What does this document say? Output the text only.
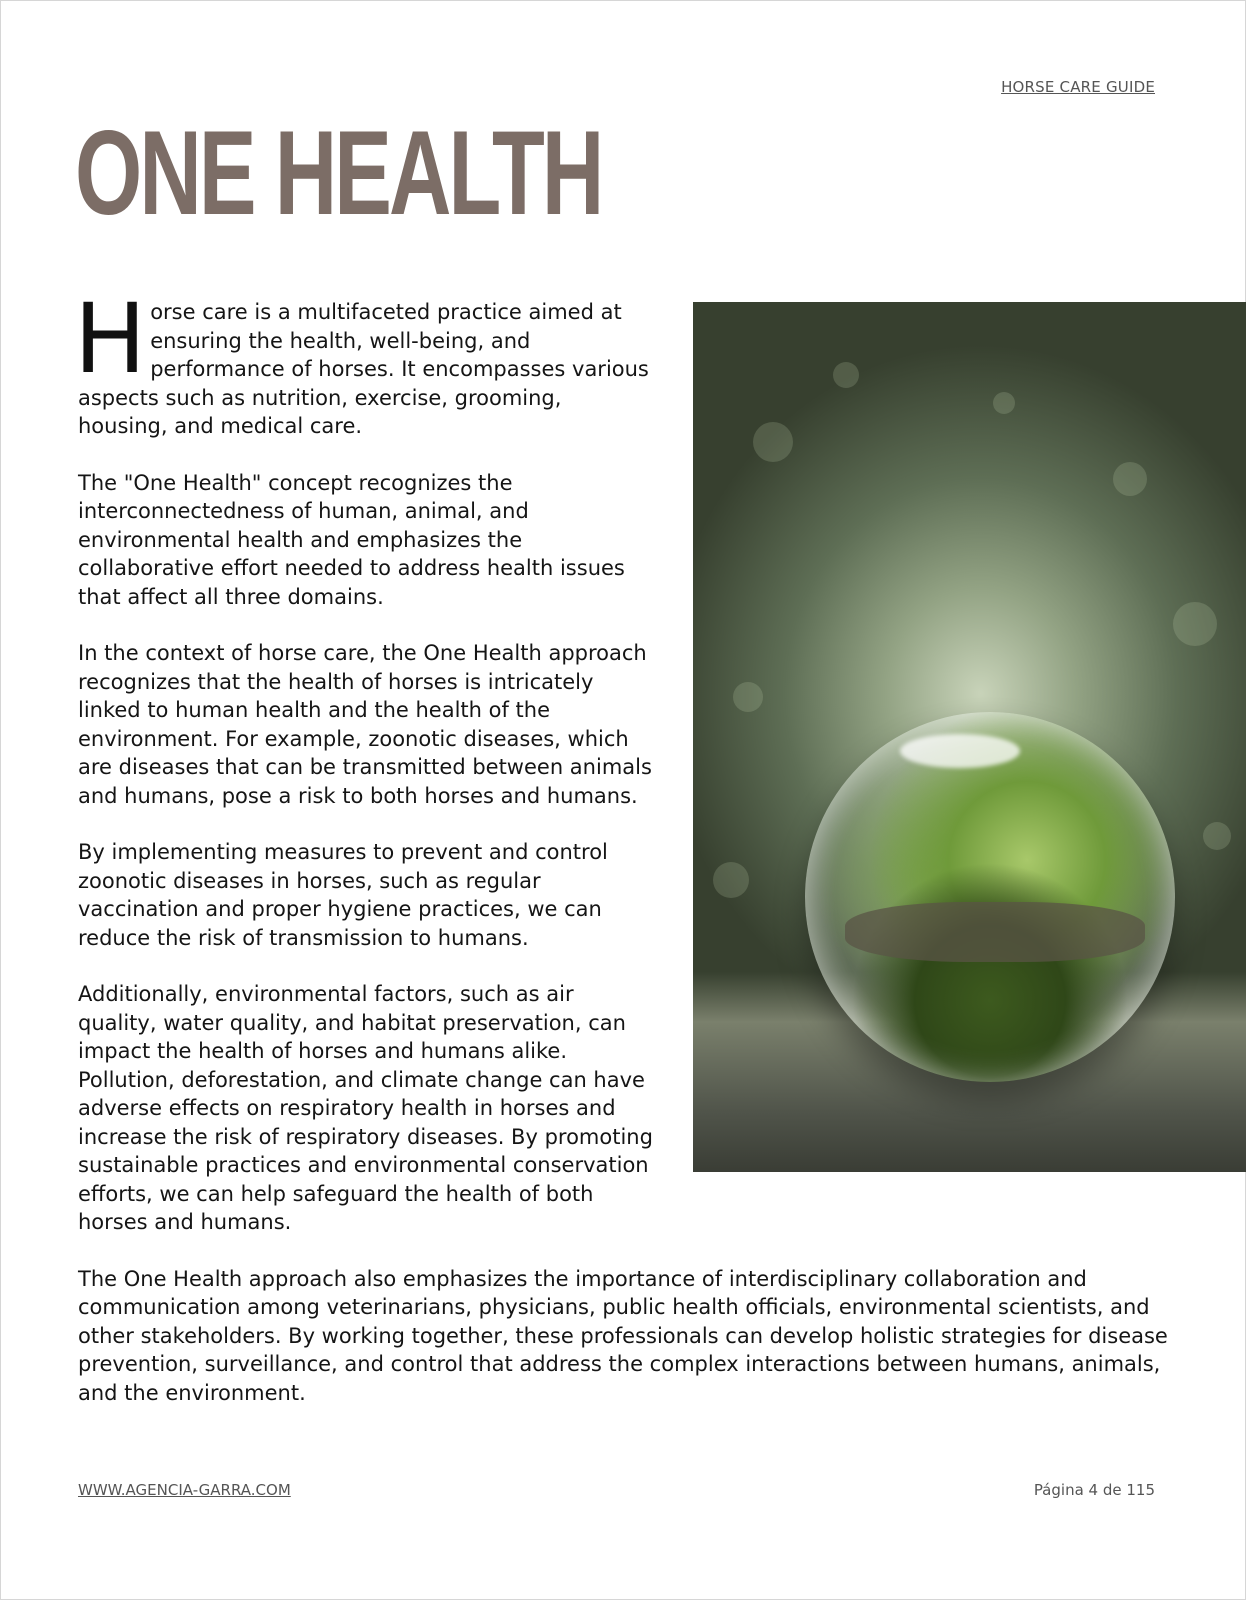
HORSE CARE GUIDE
ONE HEALTH

Horse care is a multifaceted practice aimed at ensuring the health, well-being, and performance of horses. It encompasses various aspects such as nutrition, exercise, grooming, housing, and medical care.

The "One Health" concept recognizes the interconnectedness of human, animal, and environmental health and emphasizes the collaborative effort needed to address health issues that affect all three domains.

In the context of horse care, the One Health approach recognizes that the health of horses is intricately linked to human health and the health of the environment. For example, zoonotic diseases, which are diseases that can be transmitted between animals and humans, pose a risk to both horses and humans.

By implementing measures to prevent and control zoonotic diseases in horses, such as regular vaccination and proper hygiene practices, we can reduce the risk of transmission to humans.

Additionally, environmental factors, such as air quality, water quality, and habitat preservation, can impact the health of horses and humans alike. Pollution, deforestation, and climate change can have adverse effects on respiratory health in horses and increase the risk of respiratory diseases. By promoting sustainable practices and environmental conservation efforts, we can help safeguard the health of both horses and humans.

The One Health approach also emphasizes the importance of interdisciplinary collaboration and communication among veterinarians, physicians, public health officials, environmental scientists, and other stakeholders. By working together, these professionals can develop holistic strategies for disease prevention, surveillance, and control that address the complex interactions between humans, animals, and the environment.

WWW.AGENCIA-GARRA.COM	Página 4 de 115
